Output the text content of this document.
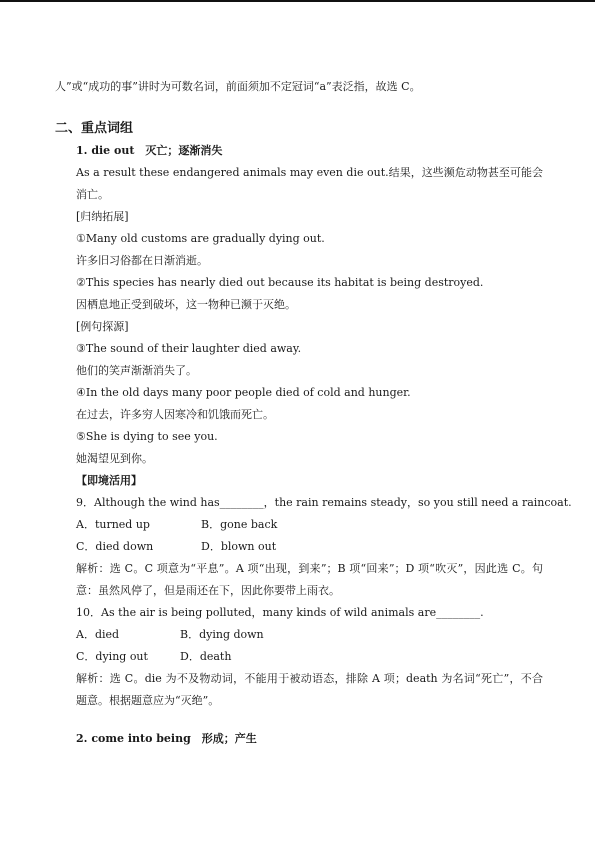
人”或“成功的事”讲时为可数名词，前面须加不定冠词“a”表泛指，故选 C。
二、重点词组
1. die out　灭亡；逐渐消失
As a result these endangered animals may even die out.结果，这些濒危动物甚至可能会消亡。
[归纳拓展]
①Many old customs are gradually dying out.
许多旧习俗都在日渐消逝。
②This species has nearly died out because its habitat is being destroyed.
因栖息地正受到破坏，这一物种已濒于灭绝。
[例句探源]
③The sound of their laughter died away.
他们的笑声渐渐消失了。
④In the old days many poor people died of cold and hunger.
在过去，许多穷人因寒冷和饥饿而死亡。
⑤She is dying to see you.
她渴望见到你。
【即境活用】
9．Although the wind has________，the rain remains steady，so you still need a raincoat.
A．turned up	B．gone back
C．died down	D．blown out
解析：选 C。C 项意为“平息”。A 项“出现，到来”；B 项“回来”；D 项“吹灭”，因此选 C。句意：虽然风停了，但是雨还在下，因此你要带上雨衣。
10．As the air is being polluted，many kinds of wild animals are________.
A．died	B．dying down
C．dying out	D．death
解析：选 C。die 为不及物动词，不能用于被动语态，排除 A 项；death 为名词“死亡”，不合题意。根据题意应为“灭绝”。
2. come into being　形成；产生
